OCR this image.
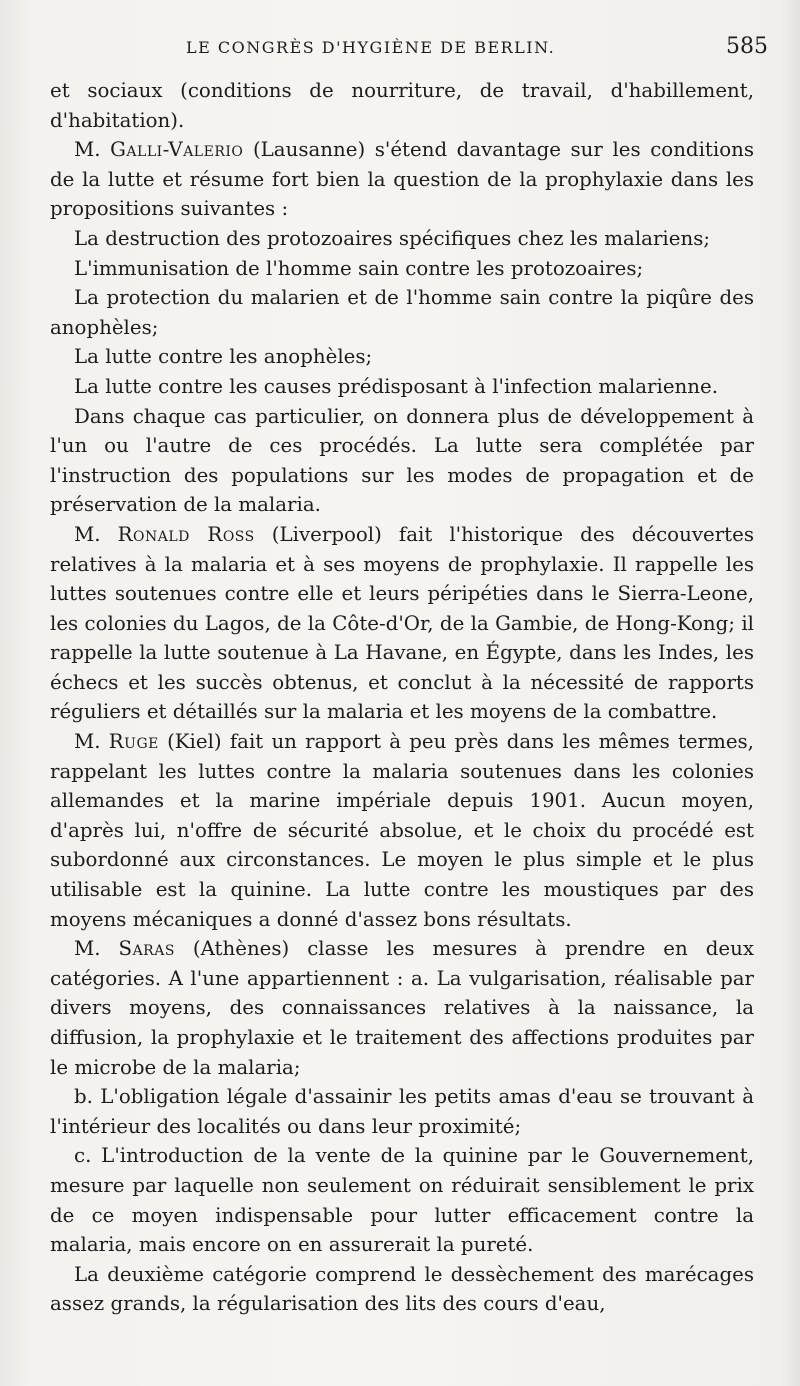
LE CONGRÈS D'HYGIÈNE DE BERLIN.	585

et sociaux (conditions de nourriture, de travail, d'habillement, d'habitation).

M. Galli-Valerio (Lausanne) s'étend davantage sur les conditions de la lutte et résume fort bien la question de la prophylaxie dans les propositions suivantes :

La destruction des protozoaires spécifiques chez les malariens;

L'immunisation de l'homme sain contre les protozoaires;

La protection du malarien et de l'homme sain contre la piqûre des anophèles;

La lutte contre les anophèles;

La lutte contre les causes prédisposant à l'infection malarienne.

Dans chaque cas particulier, on donnera plus de développement à l'un ou l'autre de ces procédés. La lutte sera complétée par l'instruction des populations sur les modes de propagation et de préservation de la malaria.

M. Ronald Ross (Liverpool) fait l'historique des découvertes relatives à la malaria et à ses moyens de prophylaxie. Il rappelle les luttes soutenues contre elle et leurs péripéties dans le Sierra-Leone, les colonies du Lagos, de la Côte-d'Or, de la Gambie, de Hong-Kong; il rappelle la lutte soutenue à La Havane, en Égypte, dans les Indes, les échecs et les succès obtenus, et conclut à la nécessité de rapports réguliers et détaillés sur la malaria et les moyens de la combattre.

M. Ruge (Kiel) fait un rapport à peu près dans les mêmes termes, rappelant les luttes contre la malaria soutenues dans les colonies allemandes et la marine impériale depuis 1901. Aucun moyen, d'après lui, n'offre de sécurité absolue, et le choix du procédé est subordonné aux circonstances. Le moyen le plus simple et le plus utilisable est la quinine. La lutte contre les moustiques par des moyens mécaniques a donné d'assez bons résultats.

M. Saras (Athènes) classe les mesures à prendre en deux catégories. A l'une appartiennent : a. La vulgarisation, réalisable par divers moyens, des connaissances relatives à la naissance, la diffusion, la prophylaxie et le traitement des affections produites par le microbe de la malaria;

b. L'obligation légale d'assainir les petits amas d'eau se trouvant à l'intérieur des localités ou dans leur proximité;

c. L'introduction de la vente de la quinine par le Gouvernement, mesure par laquelle non seulement on réduirait sensiblement le prix de ce moyen indispensable pour lutter efficacement contre la malaria, mais encore on en assurerait la pureté.

La deuxième catégorie comprend le dessèchement des marécages assez grands, la régularisation des lits des cours d'eau,
